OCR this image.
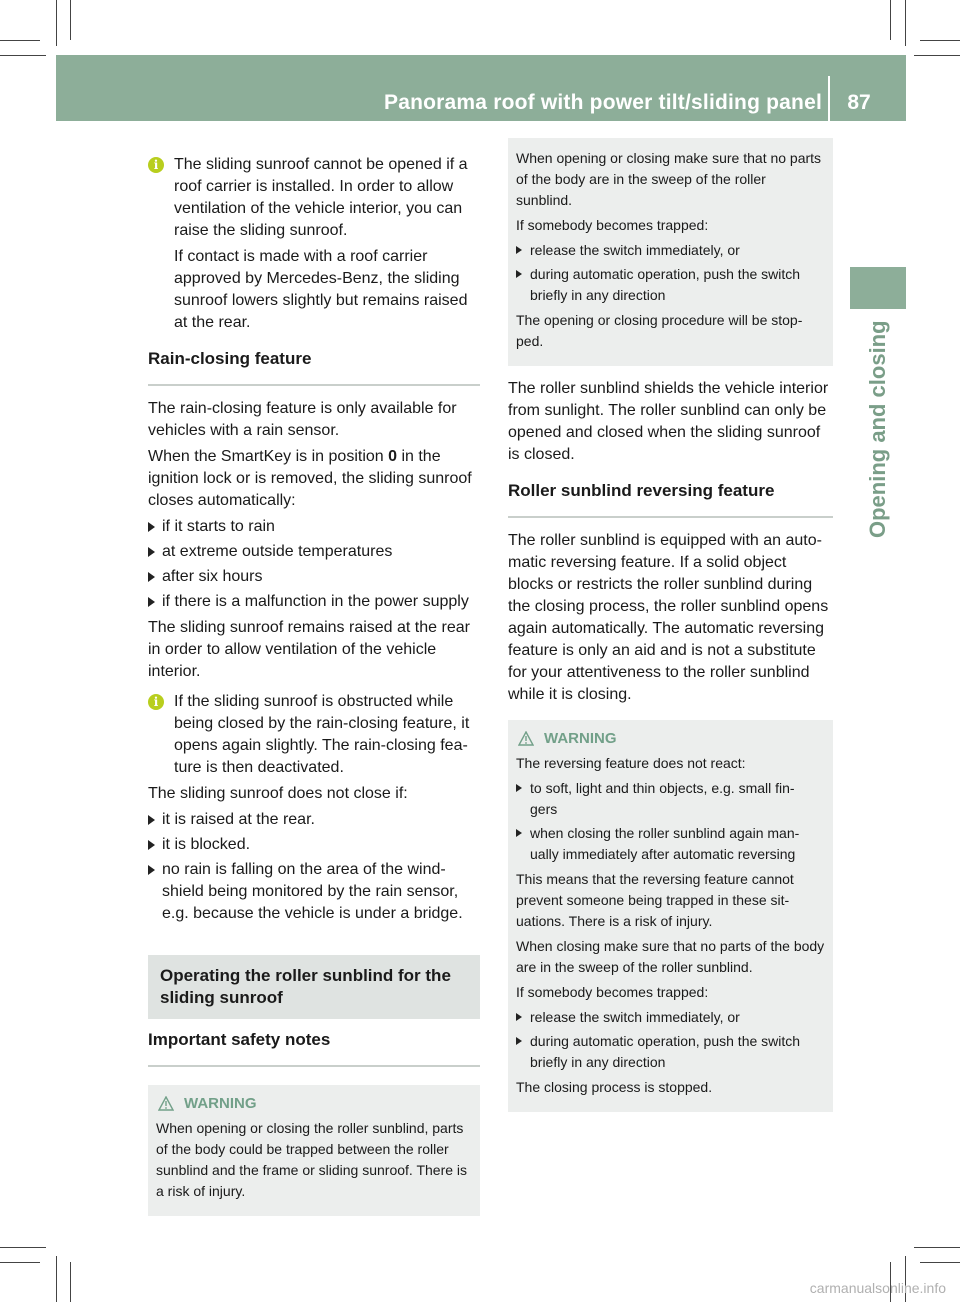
Panorama roof with power tilt/sliding panel	87
Opening and closing
i The sliding sunroof cannot be opened if a roof carrier is installed. In order to allow ventilation of the vehicle interior, you can raise the sliding sunroof.

If contact is made with a roof carrier approved by Mercedes-Benz, the sliding sunroof lowers slightly but remains raised at the rear.

Rain-closing feature

The rain-closing feature is only available for vehicles with a rain sensor.

When the SmartKey is in position 0 in the ignition lock or is removed, the sliding sunroof closes automatically:

if it starts to rain
at extreme outside temperatures
after six hours
if there is a malfunction in the power supply

The sliding sunroof remains raised at the rear in order to allow ventilation of the vehicle interior.

i If the sliding sunroof is obstructed while being closed by the rain-closing feature, it opens again slightly. The rain-closing fea- ture is then deactivated.

The sliding sunroof does not close if:

it is raised at the rear.
it is blocked.
no rain is falling on the area of the wind- shield being monitored by the rain sensor, e.g. because the vehicle is under a bridge.
Operating the roller sunblind for the sliding sunroof
Important safety notes
WARNING

When opening or closing the roller sunblind, parts of the body could be trapped between the roller sunblind and the frame or sliding sunroof. There is a risk of injury.

When opening or closing make sure that no parts of the body are in the sweep of the roller sunblind.

If somebody becomes trapped:

release the switch immediately, or
during automatic operation, push the switch briefly in any direction

The opening or closing procedure will be stop- ped.

The roller sunblind shields the vehicle interior from sunlight. The roller sunblind can only be opened and closed when the sliding sunroof is closed.

Roller sunblind reversing feature

The roller sunblind is equipped with an auto- matic reversing feature. If a solid object blocks or restricts the roller sunblind during the closing process, the roller sunblind opens again automatically. The automatic reversing feature is only an aid and is not a substitute for your attentiveness to the roller sunblind while it is closing.

WARNING

The reversing feature does not react:

to soft, light and thin objects, e.g. small fin- gers
when closing the roller sunblind again man- ually immediately after automatic reversing

This means that the reversing feature cannot prevent someone being trapped in these sit- uations. There is a risk of injury.

When closing make sure that no parts of the body are in the sweep of the roller sunblind.

If somebody becomes trapped:

release the switch immediately, or
during automatic operation, push the switch briefly in any direction

The closing process is stopped.

carmanualsonline.info
